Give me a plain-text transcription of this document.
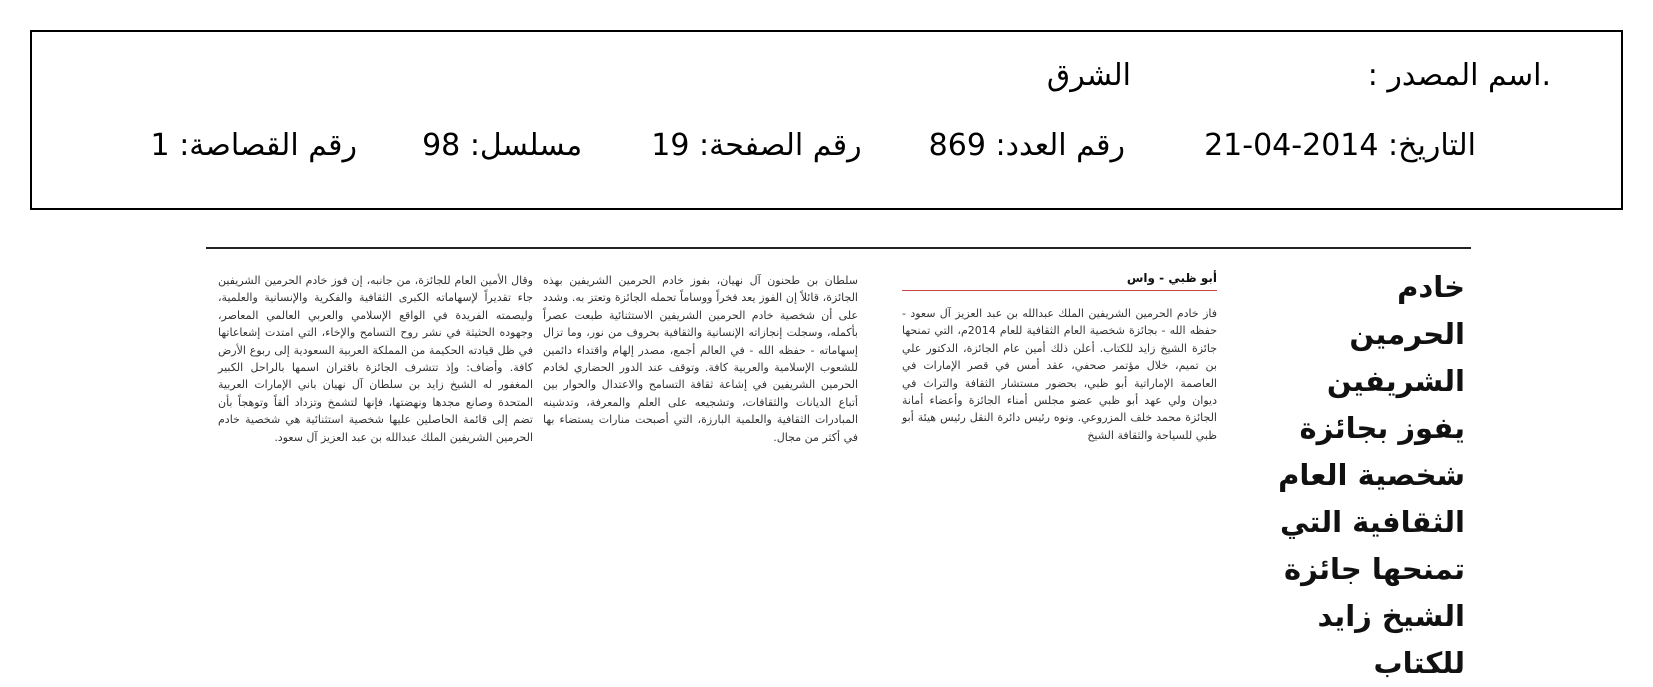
.اسم المصدر :
الشرق
التاريخ: 2014-04-21  رقم العدد: 869  رقم الصفحة: 19  مسلسل: 98  رقم القصاصة: 1
خادم الحرمين الشريفين يفوز بجائزة شخصية العام الثقافية التي تمنحها جائزة الشيخ زايد للكتاب
أبو ظبي - واس

فاز خادم الحرمين الشريفين الملك عبدالله بن عبد العزيز آل سعود - حفظه الله - بجائزة شخصية العام الثقافية للعام 2014م، التي تمنحها جائزة الشيخ زايد للكتاب. أعلن ذلك أمين عام الجائزة، الدكتور علي بن تميم، خلال مؤتمر صحفي، عقد أمس في قصر الإمارات في العاصمة الإماراتية أبو ظبي، بحضور مستشار الثقافة والتراث في ديوان ولي عهد أبو ظبي عضو مجلس أمناء الجائزة وأعضاء أمانة الجائزة محمد خلف المزروعي. ونوه رئيس دائرة النقل رئيس هيئة أبو ظبي للسياحة والثقافة الشيخ

سلطان بن طحنون آل نهيان، بفوز خادم الحرمين الشريفين بهذه الجائزة، قائلاً إن الفوز يعد فخراً ووساماً تحمله الجائزة وتعتز به. وشدد على أن شخصية خادم الحرمين الشريفين الاستثنائية طبعت عصراً بأكمله، وسجلت إنجازاته الإنسانية والثقافية بحروف من نور، وما تزال إسهاماته - حفظه الله - في العالم أجمع، مصدر إلهام واقتداء دائمين للشعوب الإسلامية والعربية كافة. وتوقف عند الدور الحضاري لخادم الحرمين الشريفين في إشاعة ثقافة التسامح والاعتدال والحوار بين أتباع الديانات والثقافات، وتشجيعه على العلم والمعرفة، وتدشينه المبادرات الثقافية والعلمية البارزة، التي أصبحت منارات يستضاء بها في أكثر من مجال.

وقال الأمين العام للجائزة، من جانبه، إن فوز خادم الحرمين الشريفين جاء تقديراً لإسهاماته الكبرى الثقافية والفكرية والإنسانية والعلمية، وليصمته الفريدة في الواقع الإسلامي والعربي العالمي المعاصر، وجهوده الحثيثة في نشر روح التسامح والإخاء، التي امتدت إشعاعاتها في ظل قيادته الحكيمة من المملكة العربية السعودية إلى ربوع الأرض كافة. وأضاف: وإذ تتشرف الجائزة باقتران اسمها بالراحل الكبير المغفور له الشيخ زايد بن سلطان آل نهيان باني الإمارات العربية المتحدة وصانع مجدها ونهضتها، فإنها لتشمخ وتزداد ألقاً وتوهجاً بأن تضم إلى قائمة الحاصلين عليها شخصية استثنائية هي شخصية خادم الحرمين الشريفين الملك عبدالله بن عبد العزيز آل سعود.
